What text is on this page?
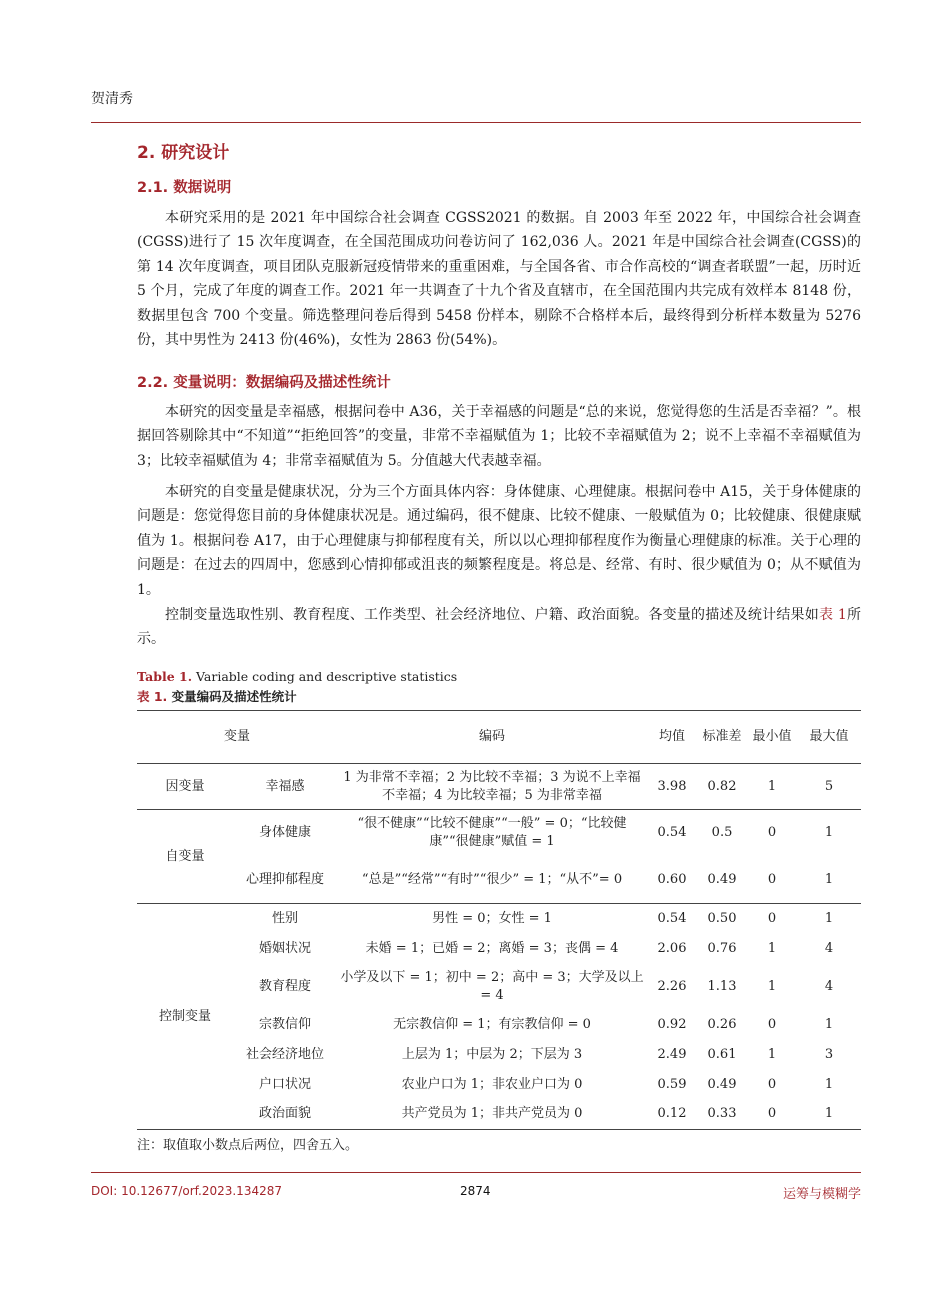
贺清秀
2. 研究设计
2.1. 数据说明

本研究采用的是 2021 年中国综合社会调查 CGSS2021 的数据。自 2003 年至 2022 年，中国综合社会调查(CGSS)进行了 15 次年度调查，在全国范围成功问卷访问了 162,036 人。2021 年是中国综合社会调查(CGSS)的第 14 次年度调查，项目团队克服新冠疫情带来的重重困难，与全国各省、市合作高校的“调查者联盟”一起，历时近 5 个月，完成了年度的调查工作。2021 年一共调查了十九个省及直辖市，在全国范围内共完成有效样本 8148 份，数据里包含 700 个变量。筛选整理问卷后得到 5458 份样本，剔除不合格样本后，最终得到分析样本数量为 5276 份，其中男性为 2413 份(46%)，女性为 2863 份(54%)。

2.2. 变量说明：数据编码及描述性统计

本研究的因变量是幸福感，根据问卷中 A36，关于幸福感的问题是“总的来说，您觉得您的生活是否幸福？”。根据回答剔除其中“不知道”“拒绝回答”的变量，非常不幸福赋值为 1；比较不幸福赋值为 2；说不上幸福不幸福赋值为 3；比较幸福赋值为 4；非常幸福赋值为 5。分值越大代表越幸福。

本研究的自变量是健康状况，分为三个方面具体内容：身体健康、心理健康。根据问卷中 A15，关于身体健康的问题是：您觉得您目前的身体健康状况是。通过编码，很不健康、比较不健康、一般赋值为 0；比较健康、很健康赋值为 1。根据问卷 A17，由于心理健康与抑郁程度有关，所以以心理抑郁程度作为衡量心理健康的标准。关于心理的问题是：在过去的四周中，您感到心情抑郁或沮丧的频繁程度是。将总是、经常、有时、很少赋值为 0；从不赋值为 1。

控制变量选取性别、教育程度、工作类型、社会经济地位、户籍、政治面貌。各变量的描述及统计结果如表 1所示。

Table 1. Variable coding and descriptive statistics
表 1. 变量编码及描述性统计
变量		编码	均值	标准差	最小值	最大值
因变量	幸福感	1 为非常不幸福；2 为比较不幸福；3 为说不上幸福不幸福；4 为比较幸福；5 为非常幸福	3.98	0.82	1	5
自变量	身体健康	“很不健康”“比较不健康”“一般” = 0；“比较健康”“很健康”赋值 = 1	0.54	0.5	0	1
	心理抑郁程度	“总是”“经常”“有时”“很少” = 1；“从不”= 0	0.60	0.49	0	1
控制变量	性别	男性 = 0；女性 = 1	0.54	0.50	0	1
	婚姻状况	未婚 = 1；已婚 = 2；离婚 = 3；丧偶 = 4	2.06	0.76	1	4
	教育程度	小学及以下 = 1；初中 = 2；高中 = 3；大学及以上 = 4	2.26	1.13	1	4
	宗教信仰	无宗教信仰 = 1；有宗教信仰 = 0	0.92	0.26	0	1
	社会经济地位	上层为 1；中层为 2；下层为 3	2.49	0.61	1	3
	户口状况	农业户口为 1；非农业户口为 0	0.59	0.49	0	1
	政治面貌	共产党员为 1；非共产党员为 0	0.12	0.33	0	1
注：取值取小数点后两位，四舍五入。
DOI: 10.12677/orf.2023.134287	2874	运筹与模糊学
